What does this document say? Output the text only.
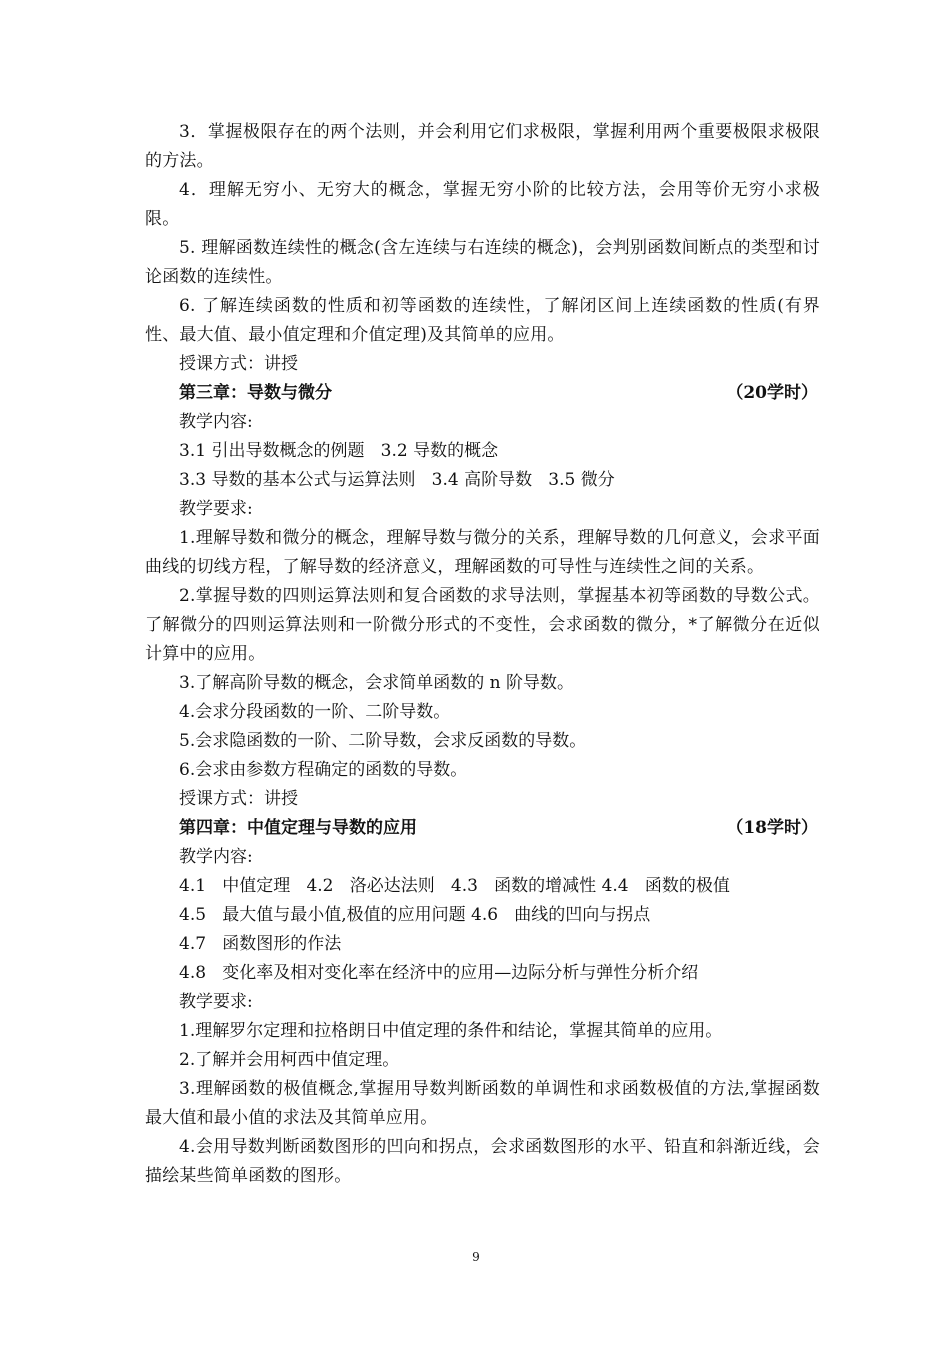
3．掌握极限存在的两个法则，并会利用它们求极限，掌握利用两个重要极限求极限的方法。

4．理解无穷小、无穷大的概念，掌握无穷小阶的比较方法，会用等价无穷小求极限。

5. 理解函数连续性的概念(含左连续与右连续的概念)，会判别函数间断点的类型和讨论函数的连续性。

6. 了解连续函数的性质和初等函数的连续性，了解闭区间上连续函数的性质(有界性、最大值、最小值定理和介值定理)及其简单的应用。

授课方式：讲授

第三章：导数与微分	（20学时）

教学内容:

3.1 引出导数概念的例题   3.2 导数的概念

3.3 导数的基本公式与运算法则   3.4 高阶导数   3.5 微分

教学要求:

1.理解导数和微分的概念，理解导数与微分的关系，理解导数的几何意义，会求平面曲线的切线方程，了解导数的经济意义，理解函数的可导性与连续性之间的关系。

2.掌握导数的四则运算法则和复合函数的求导法则，掌握基本初等函数的导数公式。了解微分的四则运算法则和一阶微分形式的不变性，会求函数的微分，*了解微分在近似计算中的应用。

3.了解高阶导数的概念，会求简单函数的 n 阶导数。

4.会求分段函数的一阶、二阶导数。

5.会求隐函数的一阶、二阶导数，会求反函数的导数。

6.会求由参数方程确定的函数的导数。

授课方式：讲授

第四章：中值定理与导数的应用	（18学时）

教学内容:

4.1   中值定理   4.2   洛必达法则   4.3   函数的增减性 4.4   函数的极值

4.5   最大值与最小值,极值的应用问题 4.6   曲线的凹向与拐点

4.7   函数图形的作法

4.8   变化率及相对变化率在经济中的应用—边际分析与弹性分析介绍

教学要求:

1.理解罗尔定理和拉格朗日中值定理的条件和结论，掌握其简单的应用。

2.了解并会用柯西中值定理。

3.理解函数的极值概念,掌握用导数判断函数的单调性和求函数极值的方法,掌握函数最大值和最小值的求法及其简单应用。

4.会用导数判断函数图形的凹向和拐点，会求函数图形的水平、铅直和斜渐近线，会描绘某些简单函数的图形。

9
